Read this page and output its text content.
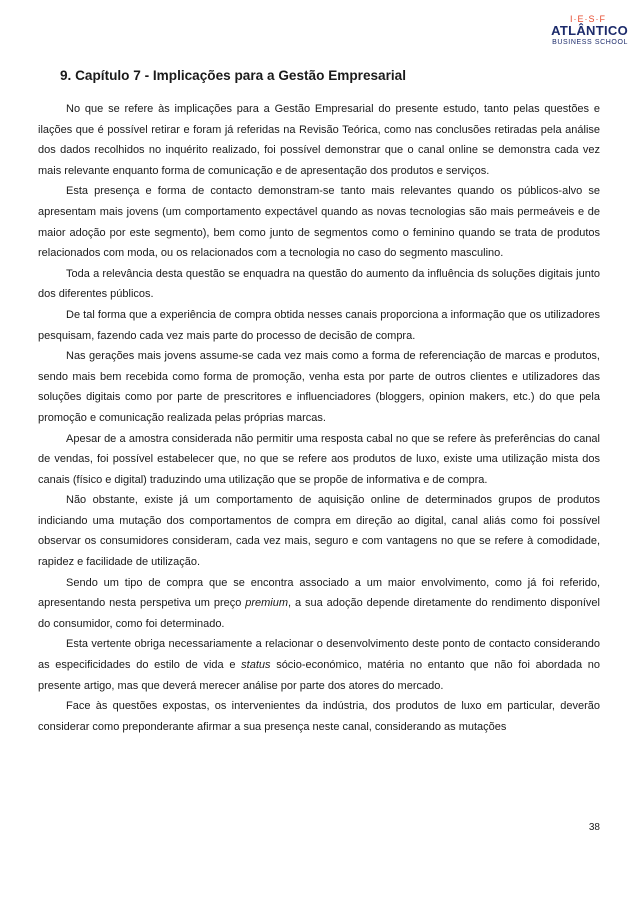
I·E·S·F
ATLÂNTICO
BUSINESS SCHOOL
9. Capítulo 7 - Implicações para a Gestão Empresarial

No que se refere às implicações para a Gestão Empresarial do presente estudo, tanto pelas questões e ilações que é possível retirar e foram já referidas na Revisão Teórica, como nas conclusões retiradas pela análise dos dados recolhidos no inquérito realizado, foi possível demonstrar que o canal online se demonstra cada vez mais relevante enquanto forma de comunicação e de apresentação dos produtos e serviços.

Esta presença e forma de contacto demonstram-se tanto mais relevantes quando os públicos-alvo se apresentam mais jovens (um comportamento expectável quando as novas tecnologias são mais permeáveis e de maior adoção por este segmento), bem como junto de segmentos como o feminino quando se trata de produtos relacionados com moda, ou os relacionados com a tecnologia no caso do segmento masculino.

Toda a relevância desta questão se enquadra na questão do aumento da influência ds soluções digitais junto dos diferentes públicos.

De tal forma que a experiência de compra obtida nesses canais proporciona a informação que os utilizadores pesquisam, fazendo cada vez mais parte do processo de decisão de compra.

Nas gerações mais jovens assume-se cada vez mais como a forma de referenciação de marcas e produtos, sendo mais bem recebida como forma de promoção, venha esta por parte de outros clientes e utilizadores das soluções digitais como por parte de prescritores e influenciadores (bloggers, opinion makers, etc.) do que pela promoção e comunicação realizada pelas próprias marcas.

Apesar de a amostra considerada não permitir uma resposta cabal no que se refere às preferências do canal de vendas, foi possível estabelecer que, no que se refere aos produtos de luxo, existe uma utilização mista dos canais (físico e digital) traduzindo uma utilização que se propõe de informativa e de compra.

Não obstante, existe já um comportamento de aquisição online de determinados grupos de produtos indiciando uma mutação dos comportamentos de compra em direção ao digital, canal aliás como foi possível observar os consumidores consideram, cada vez mais, seguro e com vantagens no que se refere à comodidade, rapidez e facilidade de utilização.

Sendo um tipo de compra que se encontra associado a um maior envolvimento, como já foi referido, apresentando nesta perspetiva um preço premium, a sua adoção depende diretamente do rendimento disponível do consumidor, como foi determinado.

Esta vertente obriga necessariamente a relacionar o desenvolvimento deste ponto de contacto considerando as especificidades do estilo de vida e status sócio-económico, matéria no entanto que não foi abordada no presente artigo, mas que deverá merecer análise por parte dos atores do mercado.

Face às questões expostas, os intervenientes da indústria, dos produtos de luxo em particular, deverão considerar como preponderante afirmar a sua presença neste canal, considerando as mutações

38
